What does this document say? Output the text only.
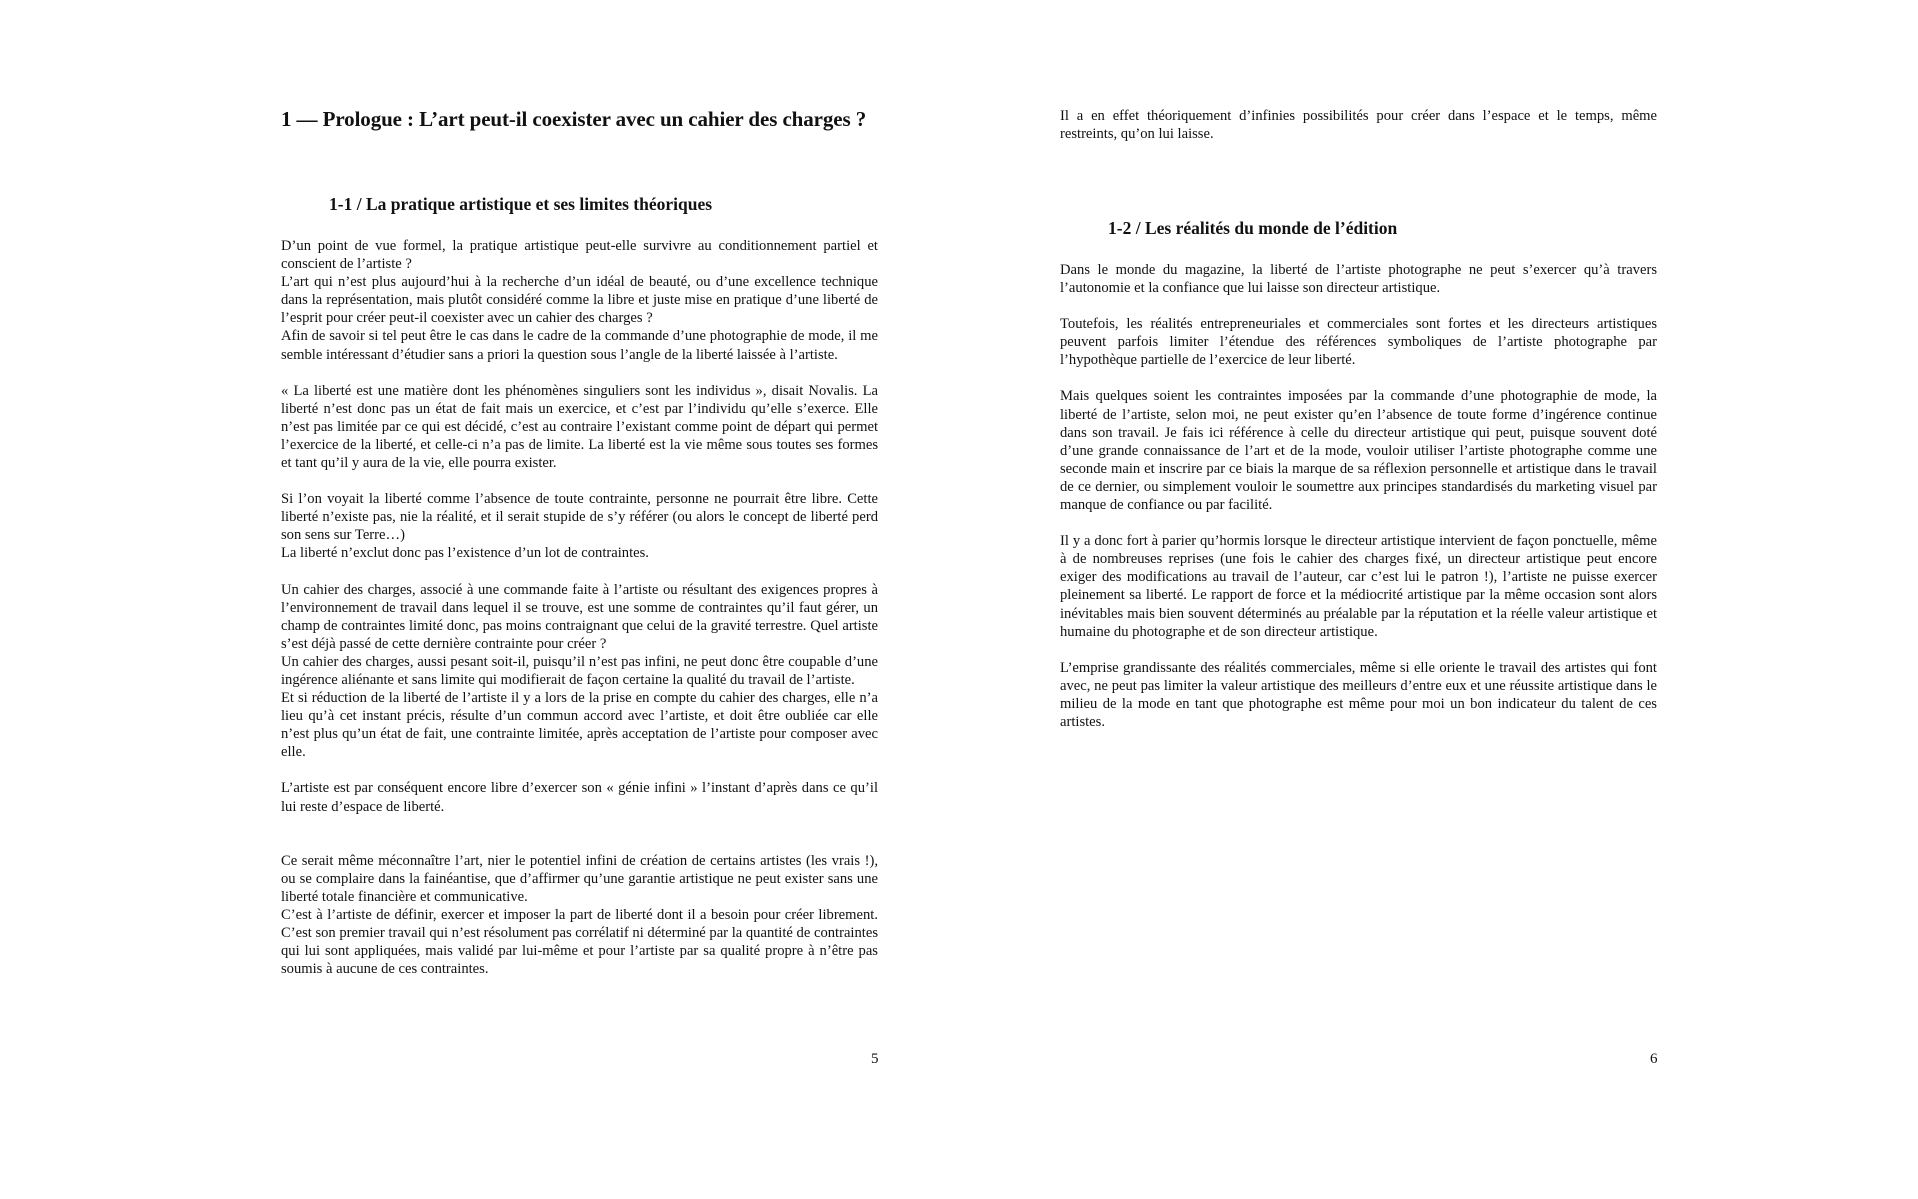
1 — Prologue : L’art peut-il coexister avec un cahier des charges ?
1-1 / La pratique artistique et ses limites théoriques

D’un point de vue formel, la pratique artistique peut-elle survivre au conditionnement partiel et conscient de l’artiste ?

L’art qui n’est plus aujourd’hui à la recherche d’un idéal de beauté, ou d’une excellence technique dans la représentation, mais plutôt considéré comme la libre et juste mise en pratique d’une liberté de l’esprit pour créer peut-il coexister avec un cahier des charges ?

Afin de savoir si tel peut être le cas dans le cadre de la commande d’une photographie de mode, il me semble intéressant d’étudier sans a priori la question sous l’angle de la liberté laissée à l’artiste.

« La liberté est une matière dont les phénomènes singuliers sont les individus », disait Novalis. La liberté n’est donc pas un état de fait mais un exercice, et c’est par l’individu qu’elle s’exerce. Elle n’est pas limitée par ce qui est décidé, c’est au contraire l’existant comme point de départ qui permet l’exercice de la liberté, et celle-ci n’a pas de limite. La liberté est la vie même sous toutes ses formes et tant qu’il y aura de la vie, elle pourra exister.

Si l’on voyait la liberté comme l’absence de toute contrainte, personne ne pourrait être libre. Cette liberté n’existe pas, nie la réalité, et il serait stupide de s’y référer (ou alors le concept de liberté perd son sens sur Terre…)

La liberté n’exclut donc pas l’existence d’un lot de contraintes.

Un cahier des charges, associé à une commande faite à l’artiste ou résultant des exigences propres à l’environnement de travail dans lequel il se trouve, est une somme de contraintes qu’il faut gérer, un champ de contraintes limité donc, pas moins contraignant que celui de la gravité terrestre. Quel artiste s’est déjà passé de cette dernière contrainte pour créer ?

Un cahier des charges, aussi pesant soit-il, puisqu’il n’est pas infini, ne peut donc être coupable d’une ingérence aliénante et sans limite qui modifierait de façon certaine la qualité du travail de l’artiste.

Et si réduction de la liberté de l’artiste il y a lors de la prise en compte du cahier des charges, elle n’a lieu qu’à cet instant précis, résulte d’un commun accord avec l’artiste, et doit être oubliée car elle n’est plus qu’un état de fait, une contrainte limitée, après acceptation de l’artiste pour composer avec elle.

L’artiste est par conséquent encore libre d’exercer son « génie infini » l’instant d’après dans ce qu’il lui reste d’espace de liberté.

Ce serait même méconnaître l’art, nier le potentiel infini de création de certains artistes (les vrais !), ou se complaire dans la fainéantise, que d’affirmer qu’une garantie artistique ne peut exister sans une liberté totale financière et communicative.

C’est à l’artiste de définir, exercer et imposer la part de liberté dont il a besoin pour créer librement. C’est son premier travail qui n’est résolument pas corrélatif ni déterminé par la quantité de contraintes qui lui sont appliquées, mais validé par lui-même et pour l’artiste par sa qualité propre à n’être pas soumis à aucune de ces contraintes.

5

Il a en effet théoriquement d’infinies possibilités pour créer dans l’espace et le temps, même restreints, qu’on lui laisse.

1-2 / Les réalités du monde de l’édition

Dans le monde du magazine, la liberté de l’artiste photographe ne peut s’exercer qu’à travers l’autonomie et la confiance que lui laisse son directeur artistique.

Toutefois, les réalités entrepreneuriales et commerciales sont fortes et les directeurs artistiques peuvent parfois limiter l’étendue des références symboliques de l’artiste photographe par l’hypothèque partielle de l’exercice de leur liberté.

Mais quelques soient les contraintes imposées par la commande d’une photographie de mode, la liberté de l’artiste, selon moi, ne peut exister qu’en l’absence de toute forme d’ingérence continue dans son travail. Je fais ici référence à celle du directeur artistique qui peut, puisque souvent doté d’une grande connaissance de l’art et de la mode, vouloir utiliser l’artiste photographe comme une seconde main et inscrire par ce biais la marque de sa réflexion personnelle et artistique dans le travail de ce dernier, ou simplement vouloir le soumettre aux principes standardisés du marketing visuel par manque de confiance ou par facilité.

Il y a donc fort à parier qu’hormis lorsque le directeur artistique intervient de façon ponctuelle, même à de nombreuses reprises (une fois le cahier des charges fixé, un directeur artistique peut encore exiger des modifications au travail de l’auteur, car c’est lui le patron !), l’artiste ne puisse exercer pleinement sa liberté. Le rapport de force et la médiocrité artistique par la même occasion sont alors inévitables mais bien souvent déterminés au préalable par la réputation et la réelle valeur artistique et humaine du photographe et de son directeur artistique.

L’emprise grandissante des réalités commerciales, même si elle oriente le travail des artistes qui font avec, ne peut pas limiter la valeur artistique des meilleurs d’entre eux et une réussite artistique dans le milieu de la mode en tant que photographe est même pour moi un bon indicateur du talent de ces artistes.

6
